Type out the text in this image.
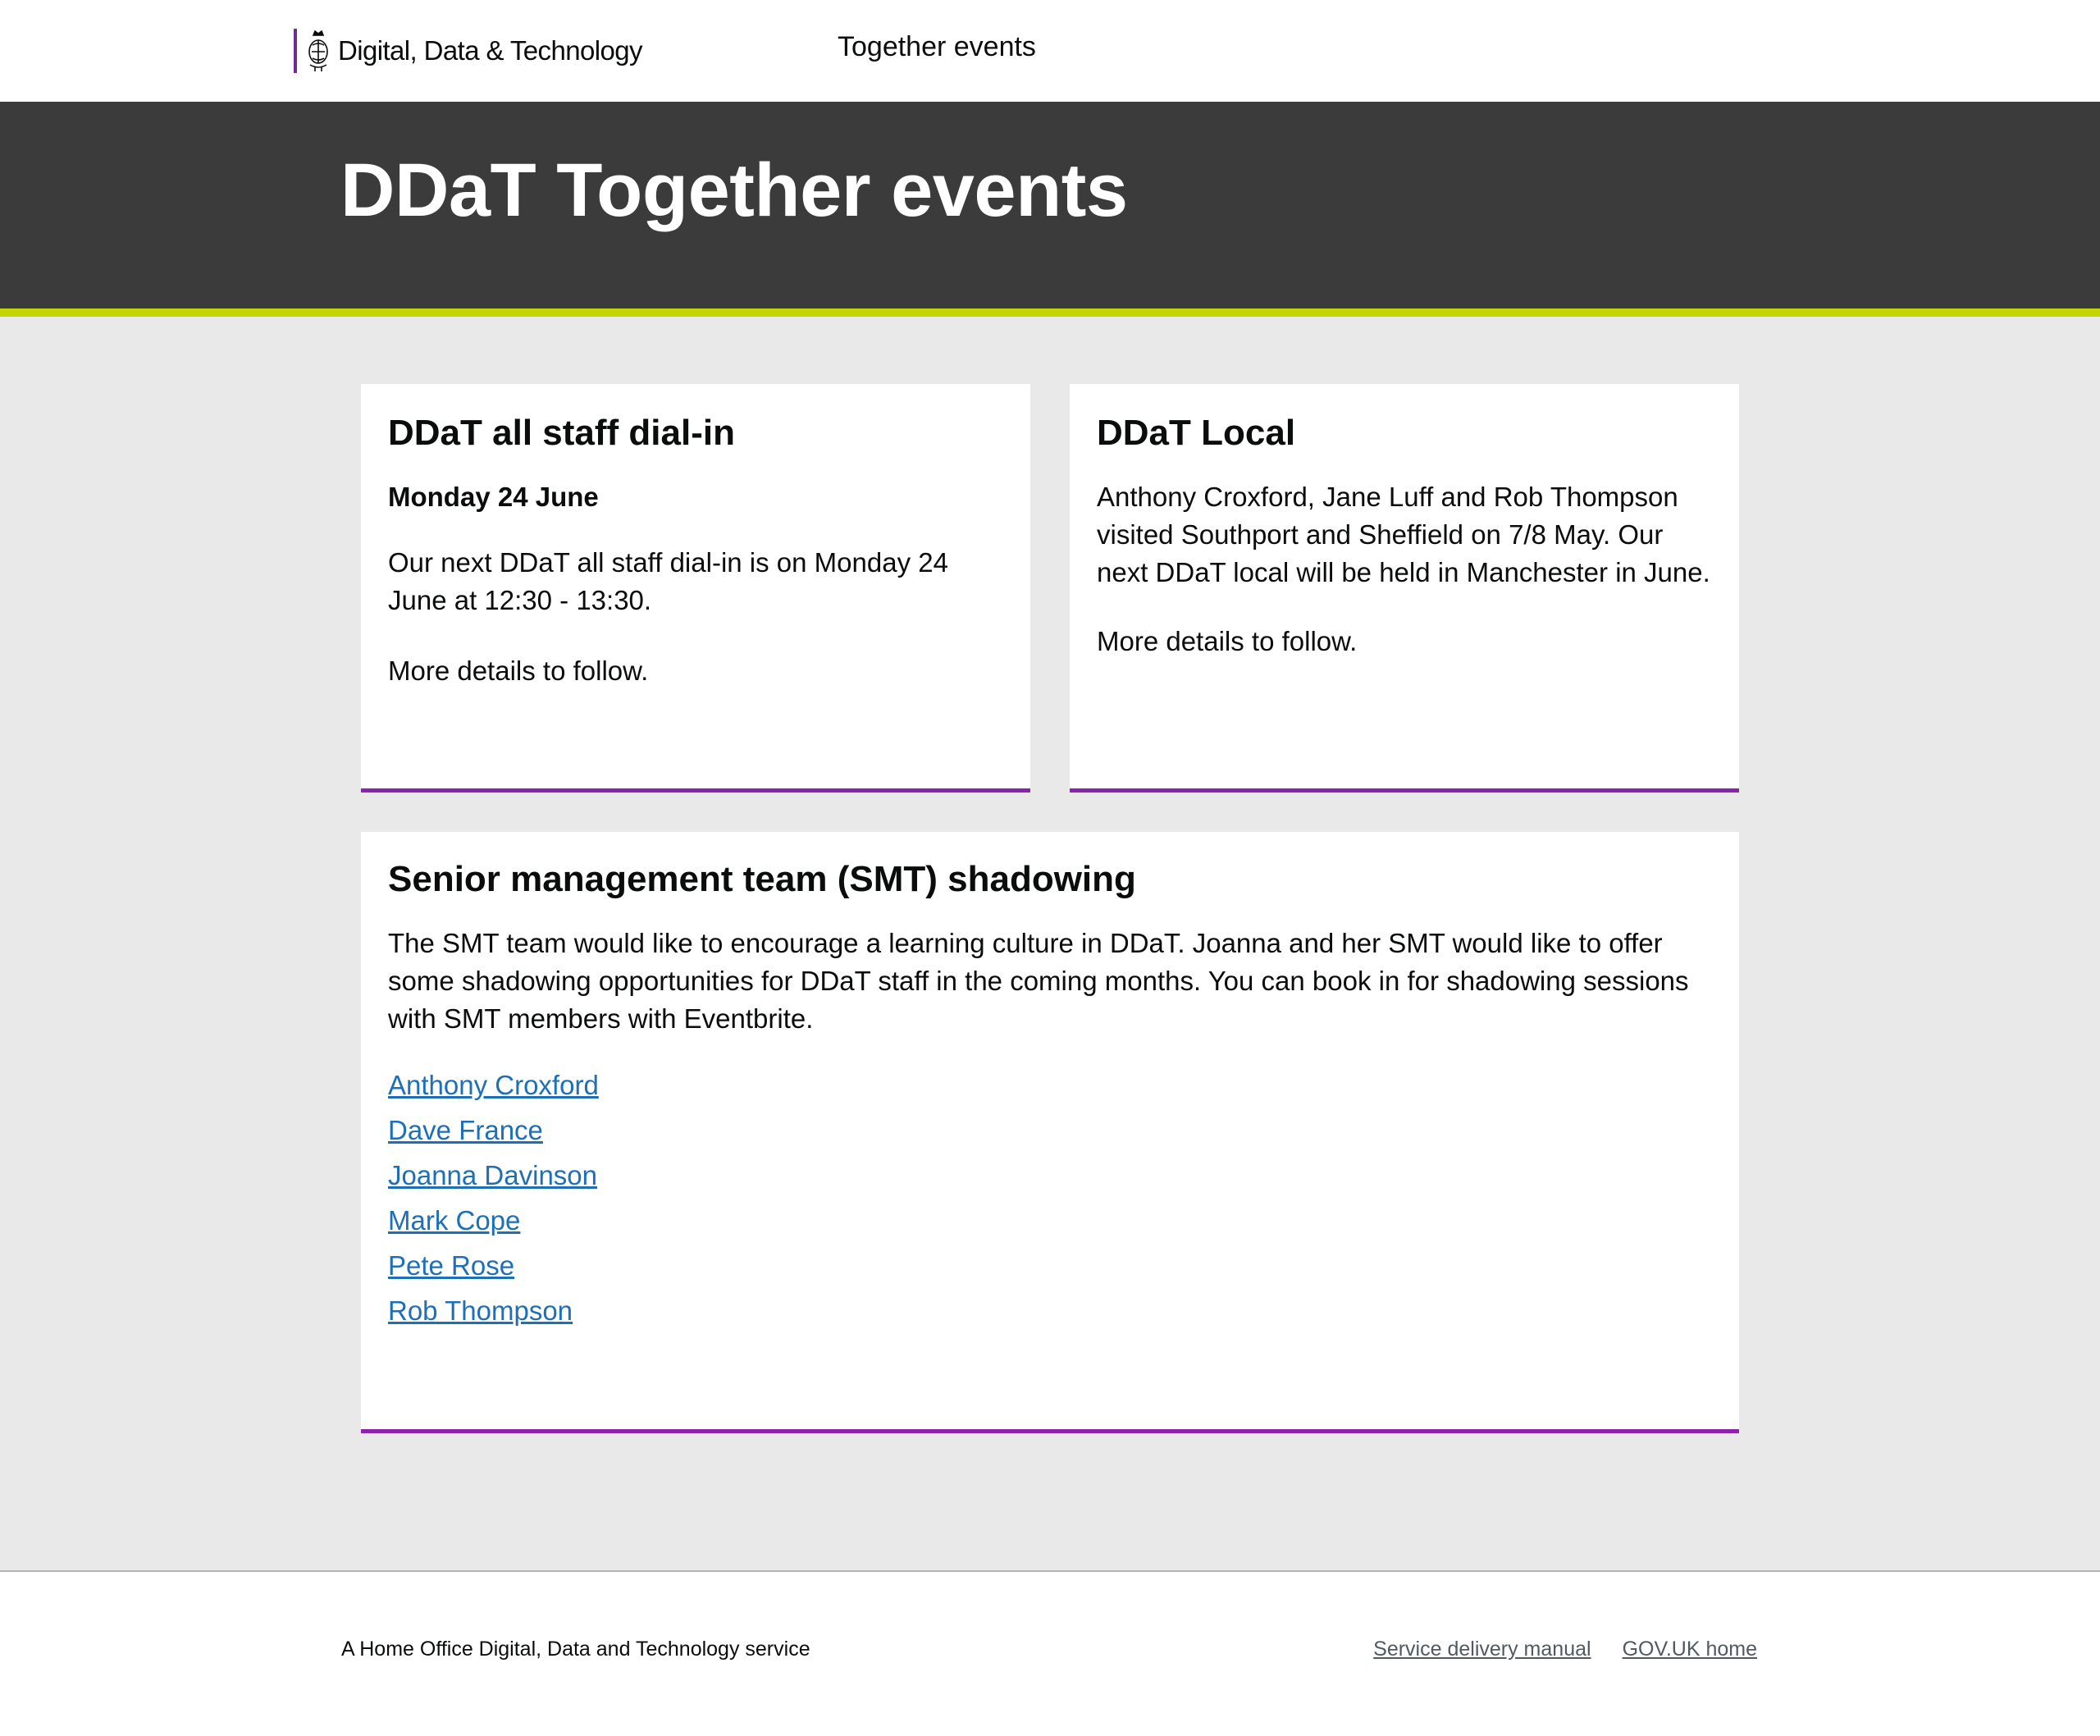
Digital, Data & Technology	Together events
DDaT Together events
DDaT all staff dial-in

Monday 24 June

Our next DDaT all staff dial-in is on Monday 24 June at 12:30 - 13:30.

More details to follow.

DDaT Local

Anthony Croxford, Jane Luff and Rob Thompson visited Southport and Sheffield on 7/8 May. Our next DDaT local will be held in Manchester in June.

More details to follow.

Senior management team (SMT) shadowing

The SMT team would like to encourage a learning culture in DDaT. Joanna and her SMT would like to offer some shadowing opportunities for DDaT staff in the coming months. You can book in for shadowing sessions with SMT members with Eventbrite.

Anthony Croxford
Dave France
Joanna Davinson
Mark Cope
Pete Rose
Rob Thompson
A Home Office Digital, Data and Technology service	Service delivery manual GOV.UK home
